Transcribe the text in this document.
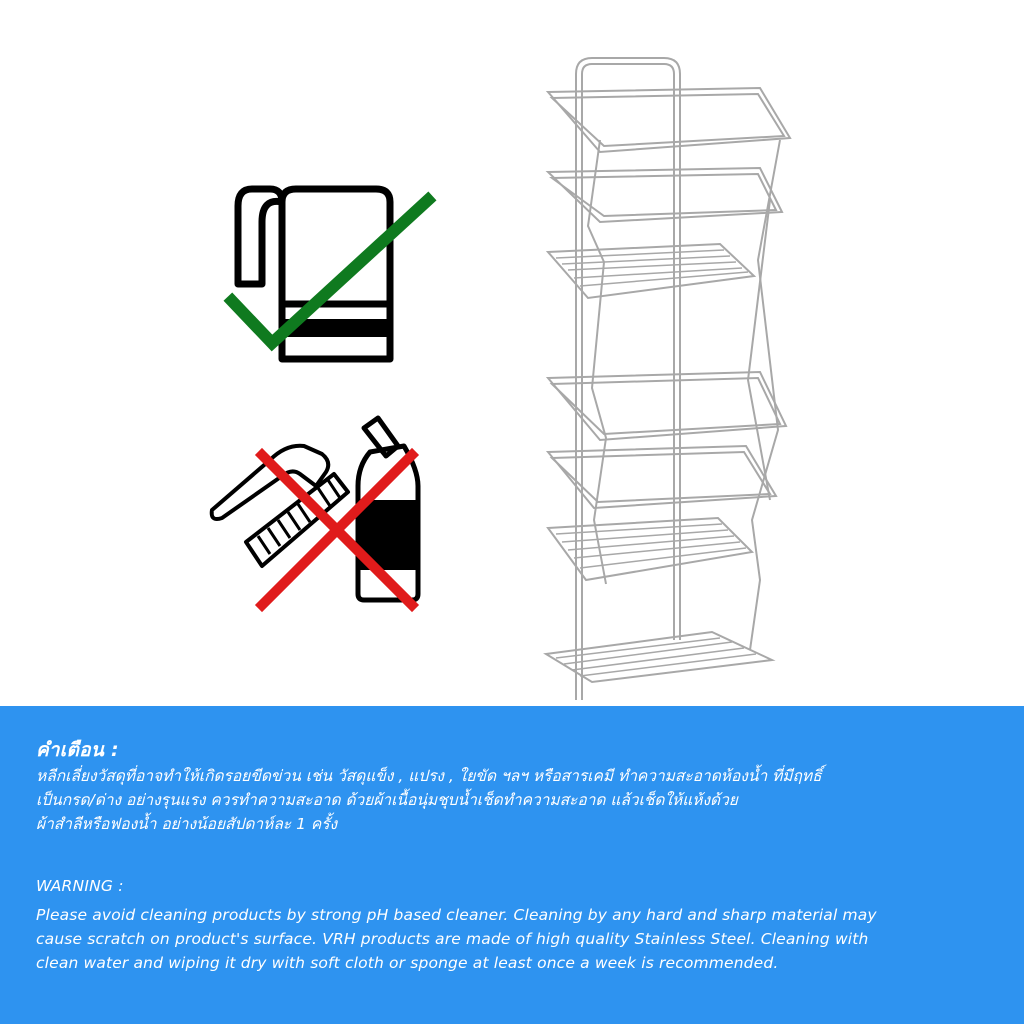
คำเตือน :
หลีกเลี่ยงวัสดุที่อาจทำให้เกิดรอยขีดข่วน เช่น วัสดุแข็ง , แปรง , ใยขัด ฯลฯ หรือสารเคมี ทำความสะอาดห้องน้ำ ที่มีฤทธิ์
เป็นกรด/ด่าง อย่างรุนแรง ควรทำความสะอาด ด้วยผ้าเนื้อนุ่มชุบน้ำเช็ดทำความสะอาด แล้วเช็ดให้แห้งด้วย
ผ้าสำลีหรือฟองน้ำ อย่างน้อยสัปดาห์ละ 1 ครั้ง
WARNING :
Please avoid cleaning products by strong pH based cleaner. Cleaning by any hard and sharp material may
cause scratch on product's surface. VRH products are made of high quality Stainless Steel. Cleaning with
clean water and wiping it dry with soft cloth or sponge at least once a week is recommended.
